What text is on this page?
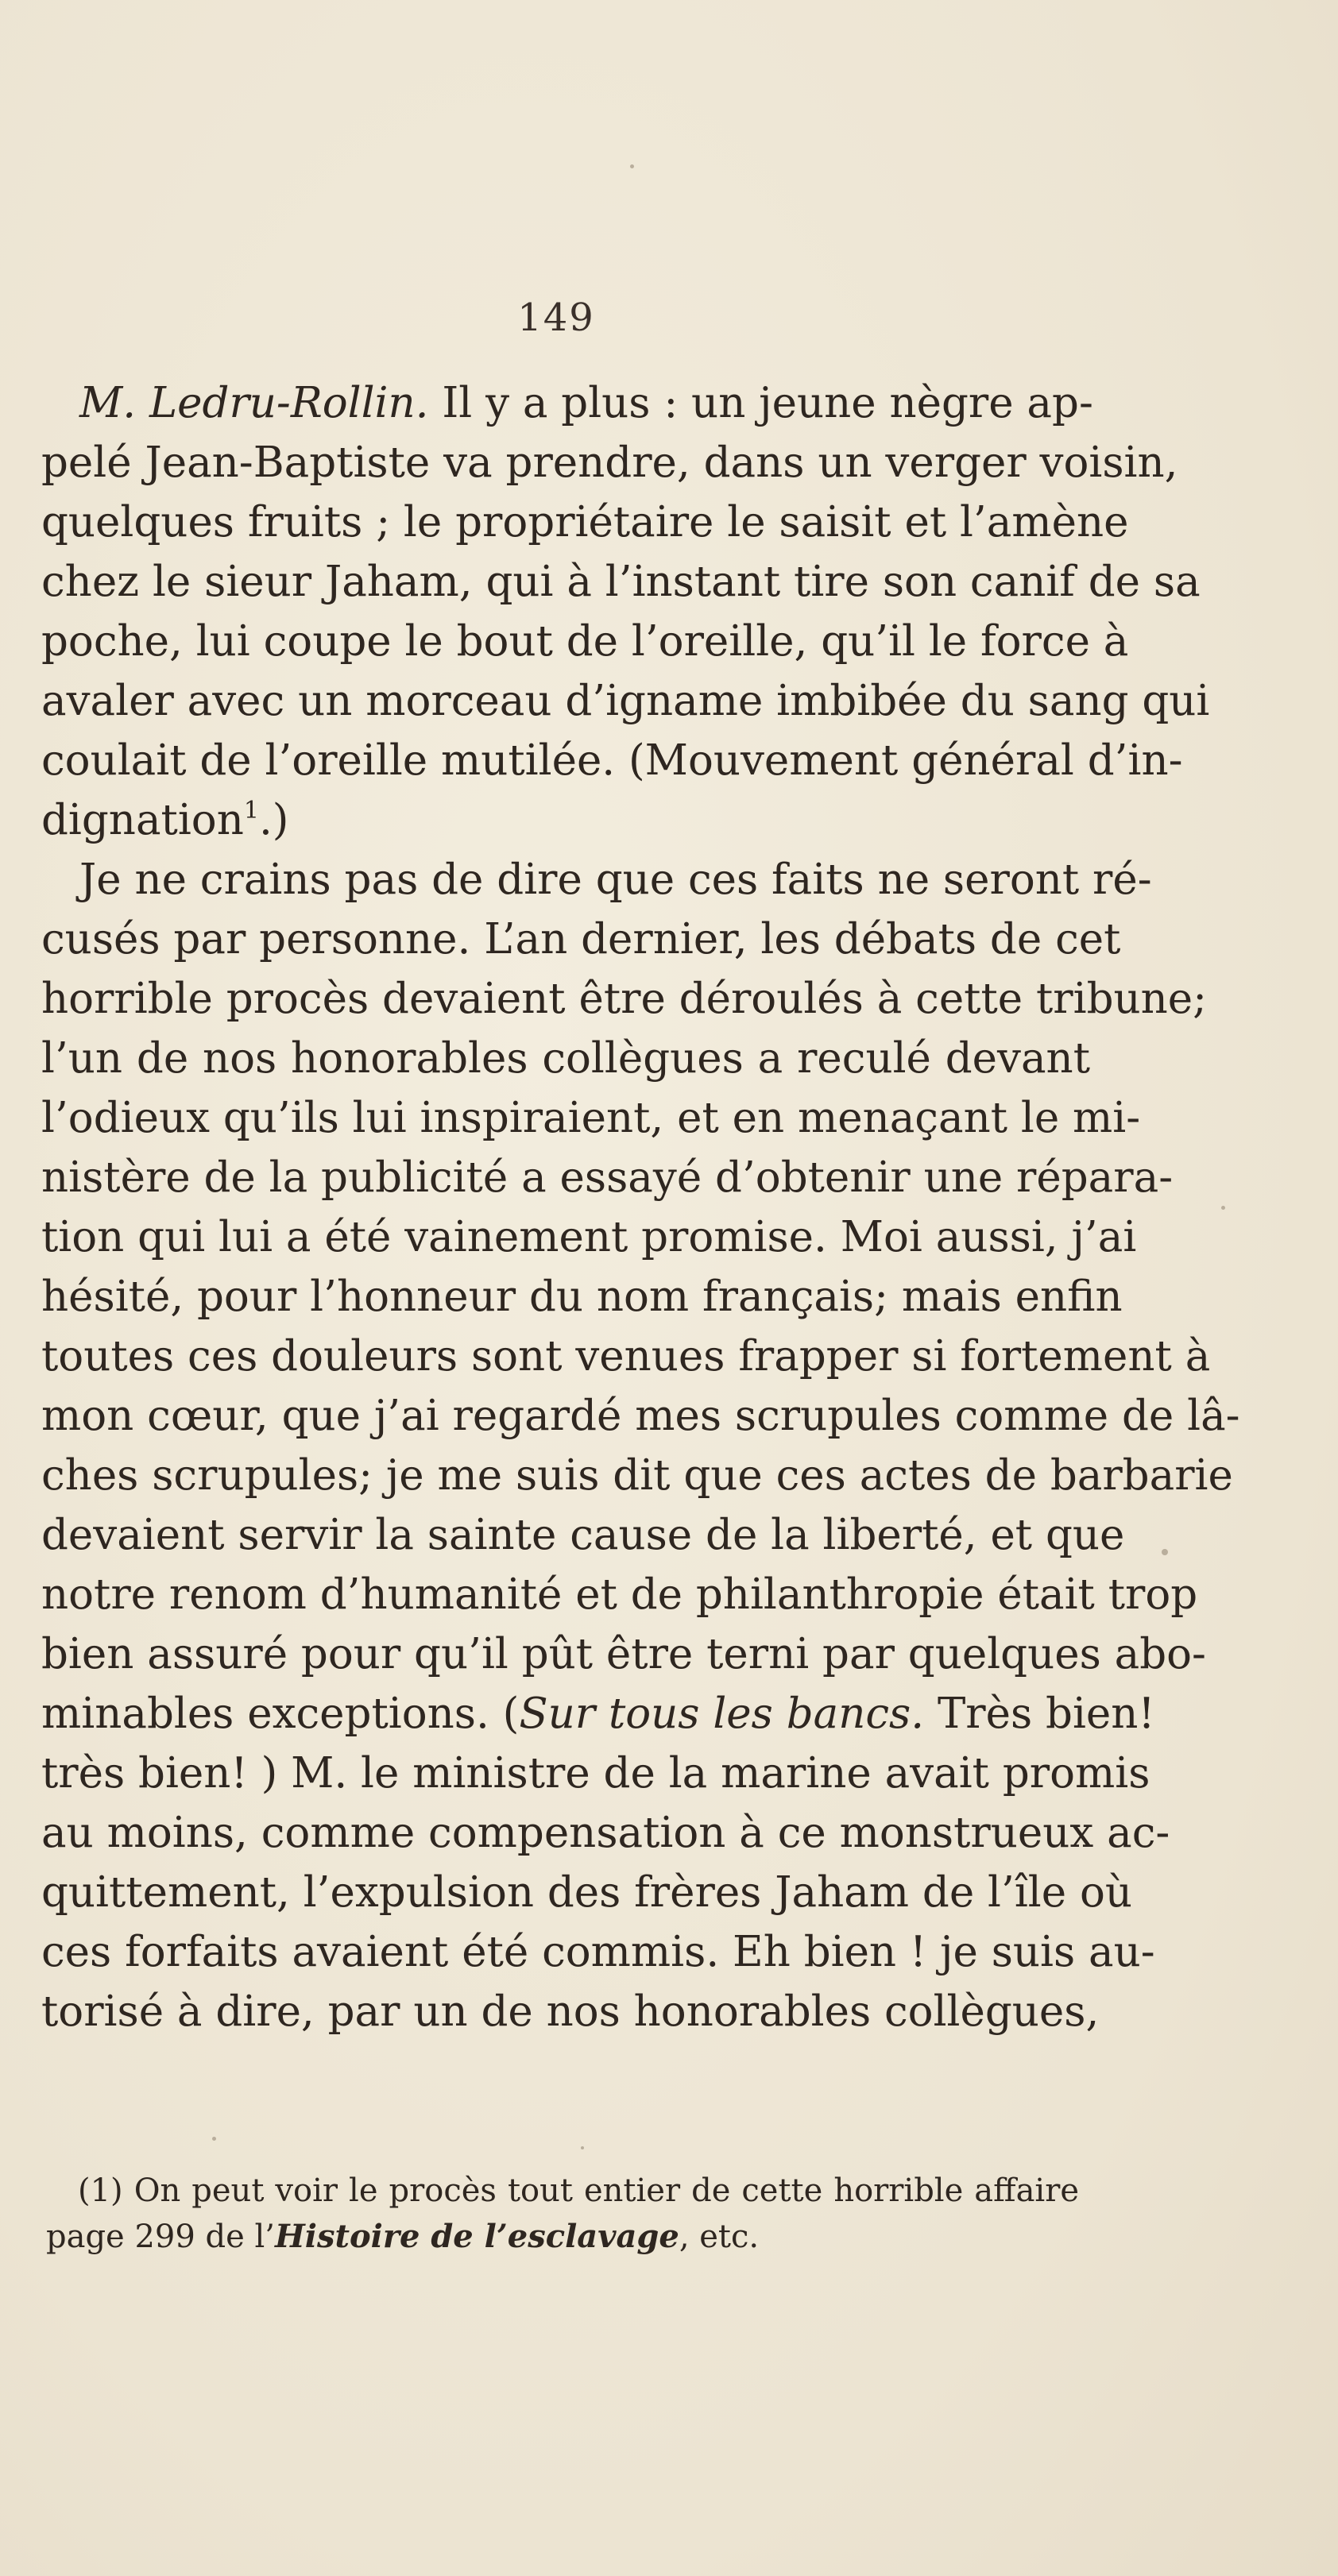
149
M. Ledru-Rollin. Il y a plus : un jeune nègre ap-
pelé Jean-Baptiste va prendre, dans un verger voisin,
quelques fruits ; le propriétaire le saisit et l’amène
chez le sieur Jaham, qui à l’instant tire son canif de sa
poche, lui coupe le bout de l’oreille, qu’il le force à
avaler avec un morceau d’igname imbibée du sang qui
coulait de l’oreille mutilée. (Mouvement général d’in-
dignation$^1$.)
Je ne crains pas de dire que ces faits ne seront ré-
cusés par personne. L’an dernier, les débats de cet
horrible procès devaient être déroulés à cette tribune;
l’un de nos honorables collègues a reculé devant
l’odieux qu’ils lui inspiraient, et en menaçant le mi-
nistère de la publicité a essayé d’obtenir une répara-
tion qui lui a été vainement promise. Moi aussi, j’ai
hésité, pour l’honneur du nom français; mais enfin
toutes ces douleurs sont venues frapper si fortement à
mon cœur, que j’ai regardé mes scrupules comme de lâ-
ches scrupules; je me suis dit que ces actes de barbarie
devaient servir la sainte cause de la liberté, et que
notre renom d’humanité et de philanthropie était trop
bien assuré pour qu’il pût être terni par quelques abo-
minables exceptions. (Sur tous les bancs. Très bien!
très bien! ) M. le ministre de la marine avait promis
au moins, comme compensation à ce monstrueux ac-
quittement, l’expulsion des frères Jaham de l’île où
ces forfaits avaient été commis. Eh bien ! je suis au-
torisé à dire, par un de nos honorables collègues,
(1) On peut voir le procès tout entier de cette horrible affaire
page 299 de l’Histoire de l’esclavage, etc.
